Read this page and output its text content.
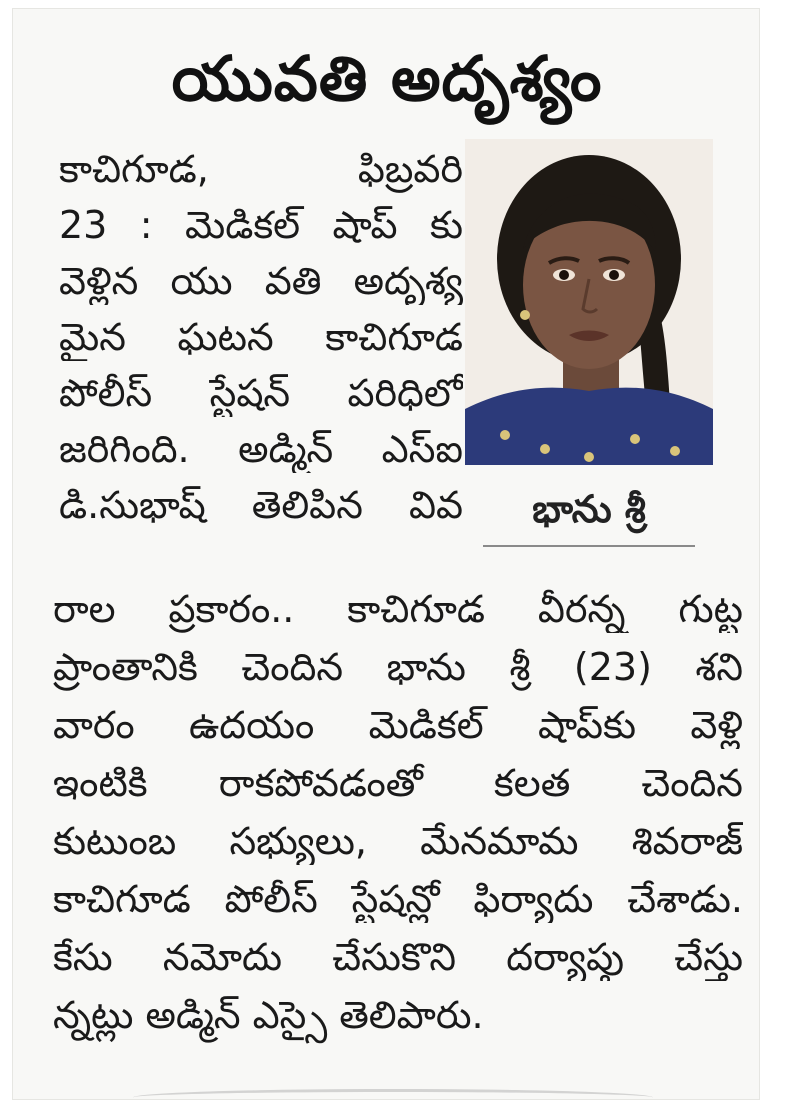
యువతి అదృశ్యం
కాచిగూడ, ఫిబ్రవరి
23 : మెడికల్ షాప్ కు
వెళ్లిన యు వతి అదృశ్య
మైన ఘటన కాచిగూడ
పోలీస్ స్టేషన్ పరిధిలో
జరిగింది. అడ్మిన్ ఎస్ఐ
డి.సుభాష్ తెలిపిన వివ	భాను శ్రీ
రాల ప్రకారం.. కాచిగూడ వీరన్న గుట్ట
ప్రాంతానికి చెందిన భాను శ్రీ (23) శని
వారం ఉదయం మెడికల్ షాప్‌కు వెళ్లి
ఇంటికి రాకపోవడంతో కలత చెందిన
కుటుంబ సభ్యులు, మేనమామ శివరాజ్
కాచిగూడ పోలీస్ స్టేషన్లో ఫిర్యాదు చేశాడు.
కేసు నమోదు చేసుకొని దర్యాప్తు చేస్తు
న్నట్లు అడ్మిన్ ఎస్సై తెలిపారు.
